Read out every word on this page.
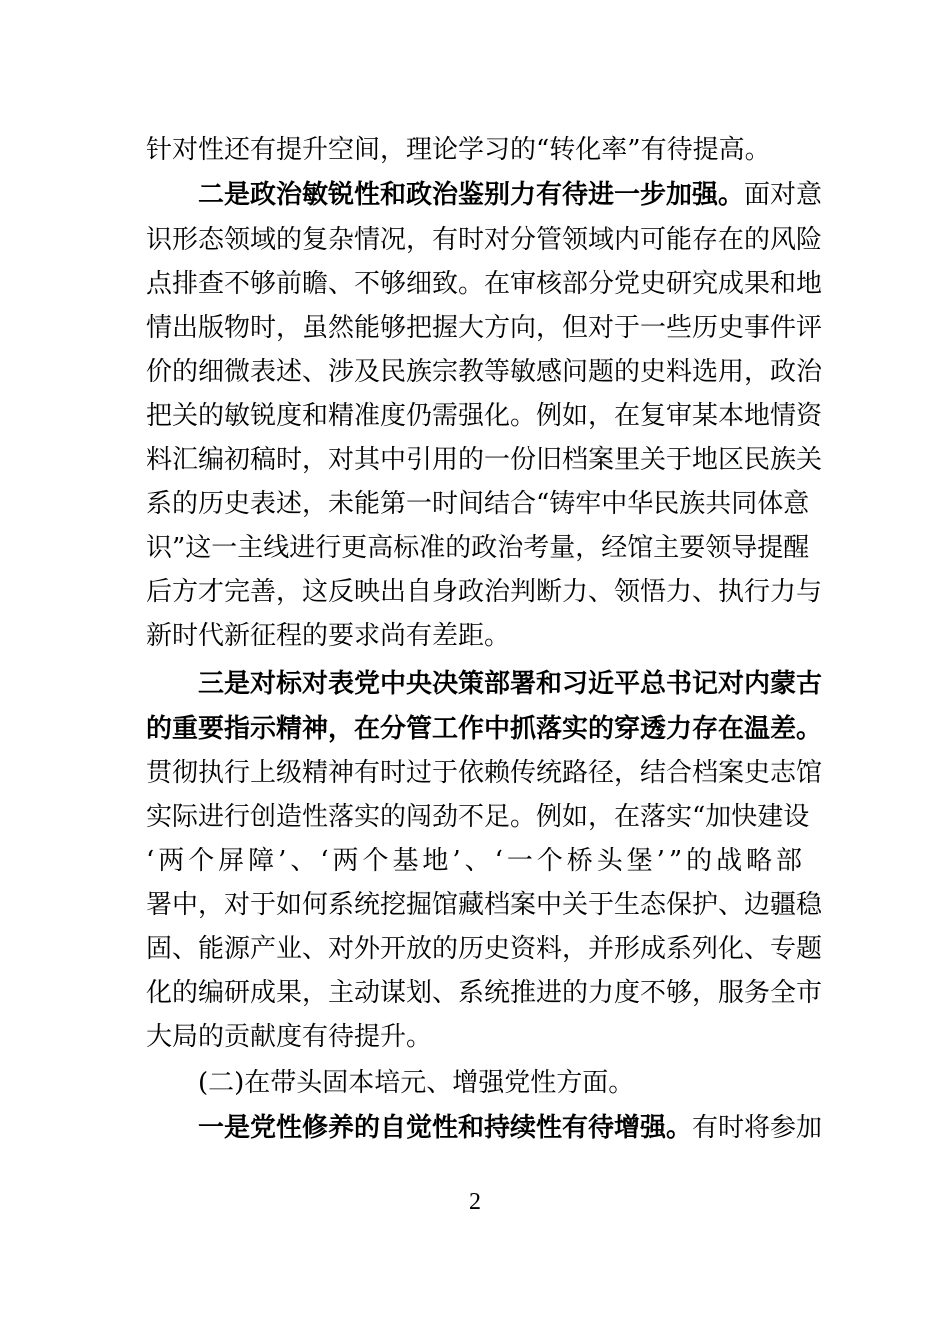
针对性还有提升空间，理论学习的“转化率”有待提高。
二是政治敏锐性和政治鉴别力有待进一步加强。面对意
识形态领域的复杂情况，有时对分管领域内可能存在的风险
点排查不够前瞻、不够细致。在审核部分党史研究成果和地
情出版物时，虽然能够把握大方向，但对于一些历史事件评
价的细微表述、涉及民族宗教等敏感问题的史料选用，政治
把关的敏锐度和精准度仍需强化。例如，在复审某本地情资
料汇编初稿时，对其中引用的一份旧档案里关于地区民族关
系的历史表述，未能第一时间结合“铸牢中华民族共同体意
识”这一主线进行更高标准的政治考量，经馆主要领导提醒
后方才完善，这反映出自身政治判断力、领悟力、执行力与
新时代新征程的要求尚有差距。
三是对标对表党中央决策部署和习近平总书记对内蒙古
的重要指示精神，在分管工作中抓落实的穿透力存在温差。
贯彻执行上级精神有时过于依赖传统路径，结合档案史志馆
实际进行创造性落实的闯劲不足。例如，在落实“加快建设
‘两个屏障’、‘两个基地’、‘一个桥头堡’”的战略部
署中，对于如何系统挖掘馆藏档案中关于生态保护、边疆稳
固、能源产业、对外开放的历史资料，并形成系列化、专题
化的编研成果，主动谋划、系统推进的力度不够，服务全市
大局的贡献度有待提升。
(二)在带头固本培元、增强党性方面。
一是党性修养的自觉性和持续性有待增强。有时将参加
2
